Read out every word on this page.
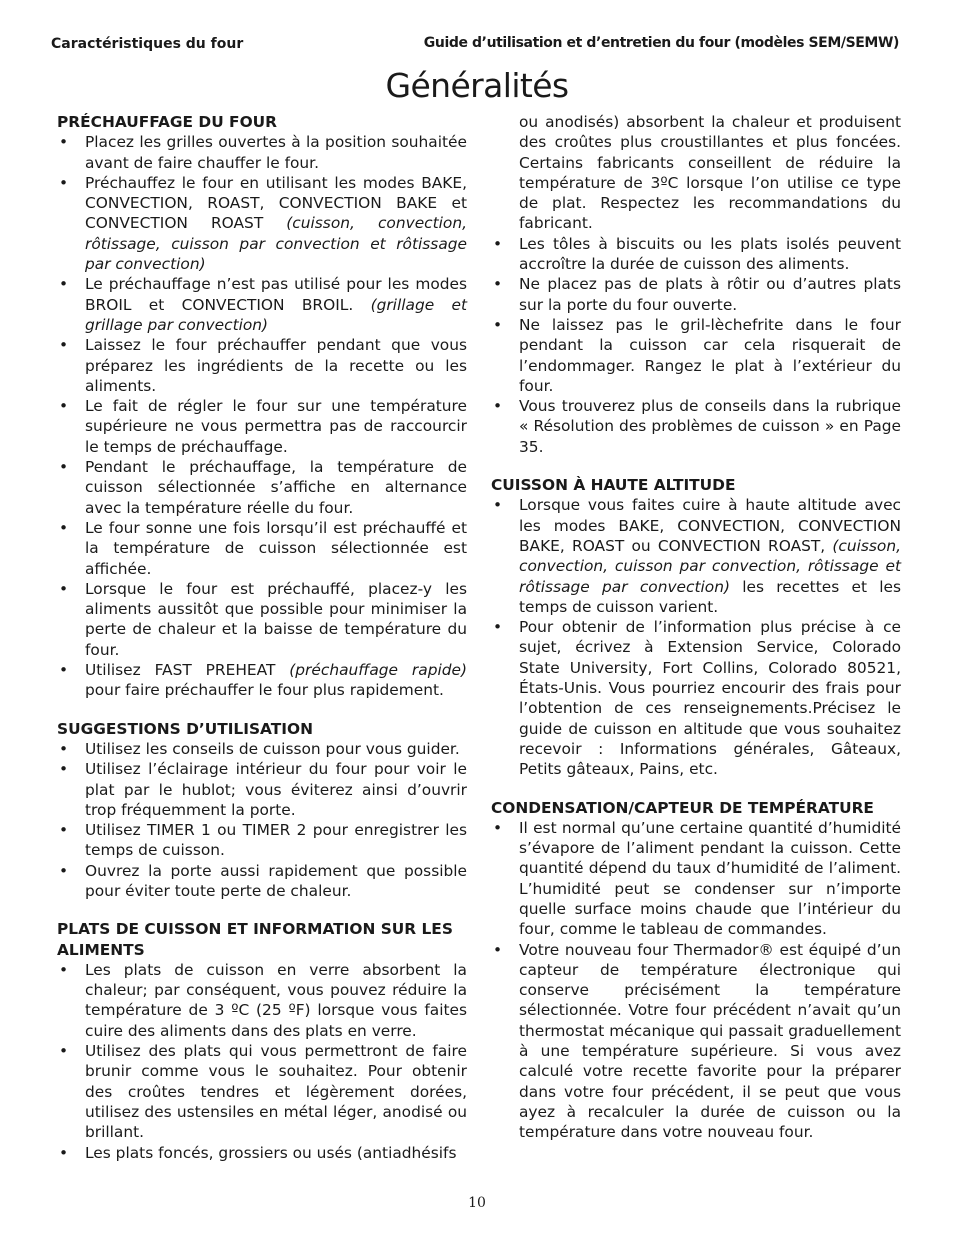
Caractéristiques du four	Guide d’utilisation et d’entretien du four (modèles SEM/SEMW)
Généralités

PRÉCHAUFFAGE DU FOUR

• Placez les grilles ouvertes à la position souhaitée avant de faire chauffer le four.
• Préchauffez le four en utilisant les modes BAKE, CONVECTION, ROAST, CONVECTION BAKE et CONVECTION ROAST (cuisson, convection, rôtissage, cuisson par convection et rôtissage par convection)
• Le préchauffage n’est pas utilisé pour les modes BROIL et CONVECTION BROIL. (grillage et grillage par convection)
• Laissez le four préchauffer pendant que vous préparez les ingrédients de la recette ou les aliments.
• Le fait de régler le four sur une température supérieure ne vous permettra pas de raccourcir le temps de préchauffage.
• Pendant le préchauffage, la température de cuisson sélectionnée s’affiche en alternance avec la température réelle du four.
• Le four sonne une fois lorsqu’il est préchauffé et la température de cuisson sélectionnée est affichée.
• Lorsque le four est préchauffé, placez-y les aliments aussitôt que possible pour minimiser la perte de chaleur et la baisse de température du four.
• Utilisez FAST PREHEAT (préchauffage rapide) pour faire préchauffer le four plus rapidement.

SUGGESTIONS D’UTILISATION

• Utilisez les conseils de cuisson pour vous guider.
• Utilisez l’éclairage intérieur du four pour voir le plat par le hublot; vous éviterez ainsi d’ouvrir trop fréquemment la porte.
• Utilisez TIMER 1 ou TIMER 2 pour enregistrer les temps de cuisson.
• Ouvrez la porte aussi rapidement que possible pour éviter toute perte de chaleur.

PLATS DE CUISSON ET INFORMATION SUR LES ALIMENTS

• Les plats de cuisson en verre absorbent la chaleur; par conséquent, vous pouvez réduire la température de 3 ºC (25 ºF) lorsque vous faites cuire des aliments dans des plats en verre.
• Utilisez des plats qui vous permettront de faire brunir comme vous le souhaitez. Pour obtenir des croûtes tendres et légèrement dorées, utilisez des ustensiles en métal léger, anodisé ou brillant.
• Les plats foncés, grossiers ou usés (antiadhésifs
ou anodisés) absorbent la chaleur et produisent des croûtes plus croustillantes et plus foncées. Certains fabricants conseillent de réduire la température de 3ºC lorsque l’on utilise ce type de plat. Respectez les recommandations du fabricant.
• Les tôles à biscuits ou les plats isolés peuvent accroître la durée de cuisson des aliments.
• Ne placez pas de plats à rôtir ou d’autres plats sur la porte du four ouverte.
• Ne laissez pas le gril-lèchefrite dans le four pendant la cuisson car cela risquerait de l’endommager. Rangez le plat à l’extérieur du four.
• Vous trouverez plus de conseils dans la rubrique « Résolution des problèmes de cuisson » en Page 35.

CUISSON À HAUTE ALTITUDE

• Lorsque vous faites cuire à haute altitude avec les modes BAKE, CONVECTION, CONVECTION BAKE, ROAST ou CONVECTION ROAST, (cuisson, convection, cuisson par convection, rôtissage et rôtissage par convection) les recettes et les temps de cuisson varient.
• Pour obtenir de l’information plus précise à ce sujet, écrivez à Extension Service, Colorado State University, Fort Collins, Colorado 80521, États-Unis. Vous pourriez encourir des frais pour l’obtention de ces renseignements.Précisez le guide de cuisson en altitude que vous souhaitez recevoir : Informations générales, Gâteaux, Petits gâteaux, Pains, etc.

CONDENSATION/CAPTEUR DE TEMPÉRATURE

• Il est normal qu’une certaine quantité d’humidité s’évapore de l’aliment pendant la cuisson. Cette quantité dépend du taux d’humidité de l’aliment. L’humidité peut se condenser sur n’importe quelle surface moins chaude que l’intérieur du four, comme le tableau de commandes.
• Votre nouveau four Thermador® est équipé d’un capteur de température électronique qui conserve précisément la température sélectionnée. Votre four précédent n’avait qu’un thermostat mécanique qui passait graduellement à une température supérieure. Si vous avez calculé votre recette favorite pour la préparer dans votre four précédent, il se peut que vous ayez à recalculer la durée de cuisson ou la température dans votre nouveau four.
10
